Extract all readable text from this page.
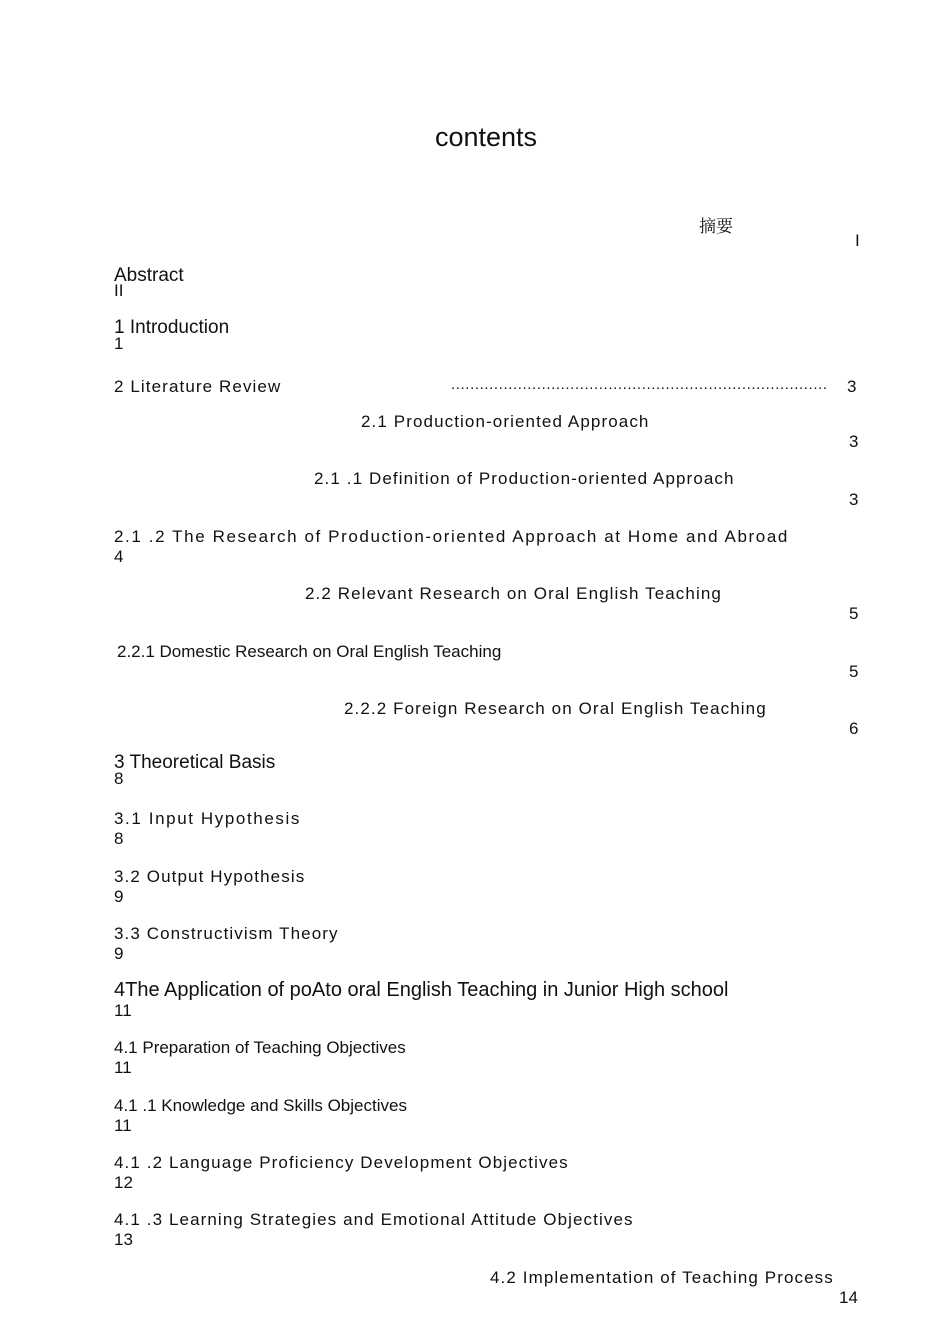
contents
摘要
I
Abstract
II
1 Introduction
1
2 Literature Review	...............................................................................	3
2.1 Production-oriented Approach
3
2.1 .1 Definition of Production-oriented Approach
3
2.1 .2 The Research of Production-oriented Approach at Home and Abroad
4
2.2 Relevant Research on Oral English Teaching
5
2.2.1 Domestic Research on Oral English Teaching
5
2.2.2 Foreign Research on Oral English Teaching
6
3 Theoretical Basis
8
3.1 Input Hypothesis
8
3.2 Output Hypothesis
9
3.3 Constructivism Theory
9
4The Application of poAto oral English Teaching in Junior High school
11
4.1 Preparation of Teaching Objectives
11
4.1 .1 Knowledge and Skills Objectives
11
4.1 .2 Language Proficiency Development Objectives
12
4.1 .3 Learning Strategies and Emotional Attitude Objectives
13
4.2 Implementation of Teaching Process
14
